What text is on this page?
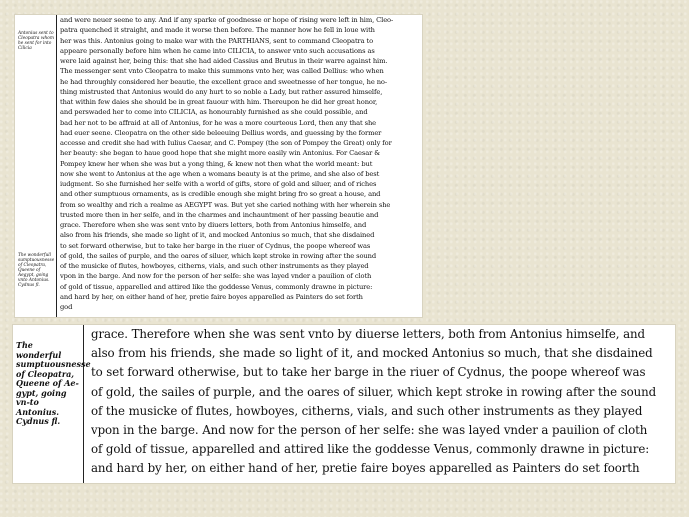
Antonius sent to Cleopatra whom he sent for into Cilicia
The wonderfull sumptuousnesse of Cleopatra, Queene of Aegypt, going vnto Antonius. Cydnus fl.
and were neuer seene to any. And if any sparke of goodnesse or hope of rising were left in him, Cleo-
patra quenched it straight, and made it worse then before. The manner how he fell in loue with
her was this. Antonius going to make war with the PARTHIANS, sent to command Cleopatra to
appeare personally before him when he came into CILICIA, to answer vnto such accusations as
were laid against her, being this: that she had aided Cassius and Brutus in their warre against him.
The messenger sent vnto Cleopatra to make this summons vnto her, was called Dellius: who when
he had throughly considered her beautie, the excellent grace and sweetnesse of her tongue, he no-
thing mistrusted that Antonius would do any hurt to so noble a Lady, but rather assured himselfe,
that within few daies she should be in great fauour with him. Thereupon he did her great honor,
and perswaded her to come into CILICIA, as honourably furnished as she could possible, and
bad her not to be affraid at all of Antonius, for he was a more courteous Lord, then any that she
had euer seene. Cleopatra on the other side beleeuing Dellius words, and guessing by the former
accesse and credit she had with Iulius Caesar, and C. Pompey (the son of Pompey the Great) only for
her beauty: she began to haue good hope that she might more easily win Antonius. For Caesar &
Pompey knew her when she was but a yong thing, & knew not then what the world meant: but
now she went to Antonius at the age when a womans beauty is at the prime, and she also of best
iudgment. So she furnished her selfe with a world of gifts, store of gold and siluer, and of riches
and other sumptuous ornaments, as is credible enough she might bring fro so great a house, and
from so wealthy and rich a realme as AEGYPT was. But yet she caried nothing with her wherein she
trusted more then in her selfe, and in the charmes and inchauntment of her passing beautie and
grace. Therefore when she was sent vnto by diuers letters, both from Antonius himselfe, and
also from his friends, she made so light of it, and mocked Antonius so much, that she disdained
to set forward otherwise, but to take her barge in the riuer of Cydnus, the poope whereof was
of gold, the sailes of purple, and the oares of siluer, which kept stroke in rowing after the sound
of the musicke of flutes, howboyes, citherns, vials, and such other instruments as they played
vpon in the barge. And now for the person of her selfe: she was layed vnder a pauilion of cloth
of gold of tissue, apparelled and attired like the goddesse Venus, commonly drawne in picture:
and hard by her, on either hand of her, pretie faire boyes apparelled as Painters do set forth
god
The wonderful sumptuousnesse of Cleopatra, Queene of Ae-gypt, going vn-to Antonius. Cydnus fl.
grace. Therefore when she was sent vnto by diuerse letters, both from Antonius himselfe, and
also from his friends, she made so light of it, and mocked Antonius so much, that she disdained
to set forward otherwise, but to take her barge in the riuer of Cydnus, the poope whereof was
of gold, the sailes of purple, and the oares of siluer, which kept stroke in rowing after the sound
of the musicke of flutes, howboyes, citherns, vials, and such other instruments as they played
vpon in the barge. And now for the person of her selfe: she was layed vnder a pauilion of cloth
of gold of tissue, apparelled and attired like the goddesse Venus, commonly drawne in picture:
and hard by her, on either hand of her, pretie faire boyes apparelled as Painters do set foorth
